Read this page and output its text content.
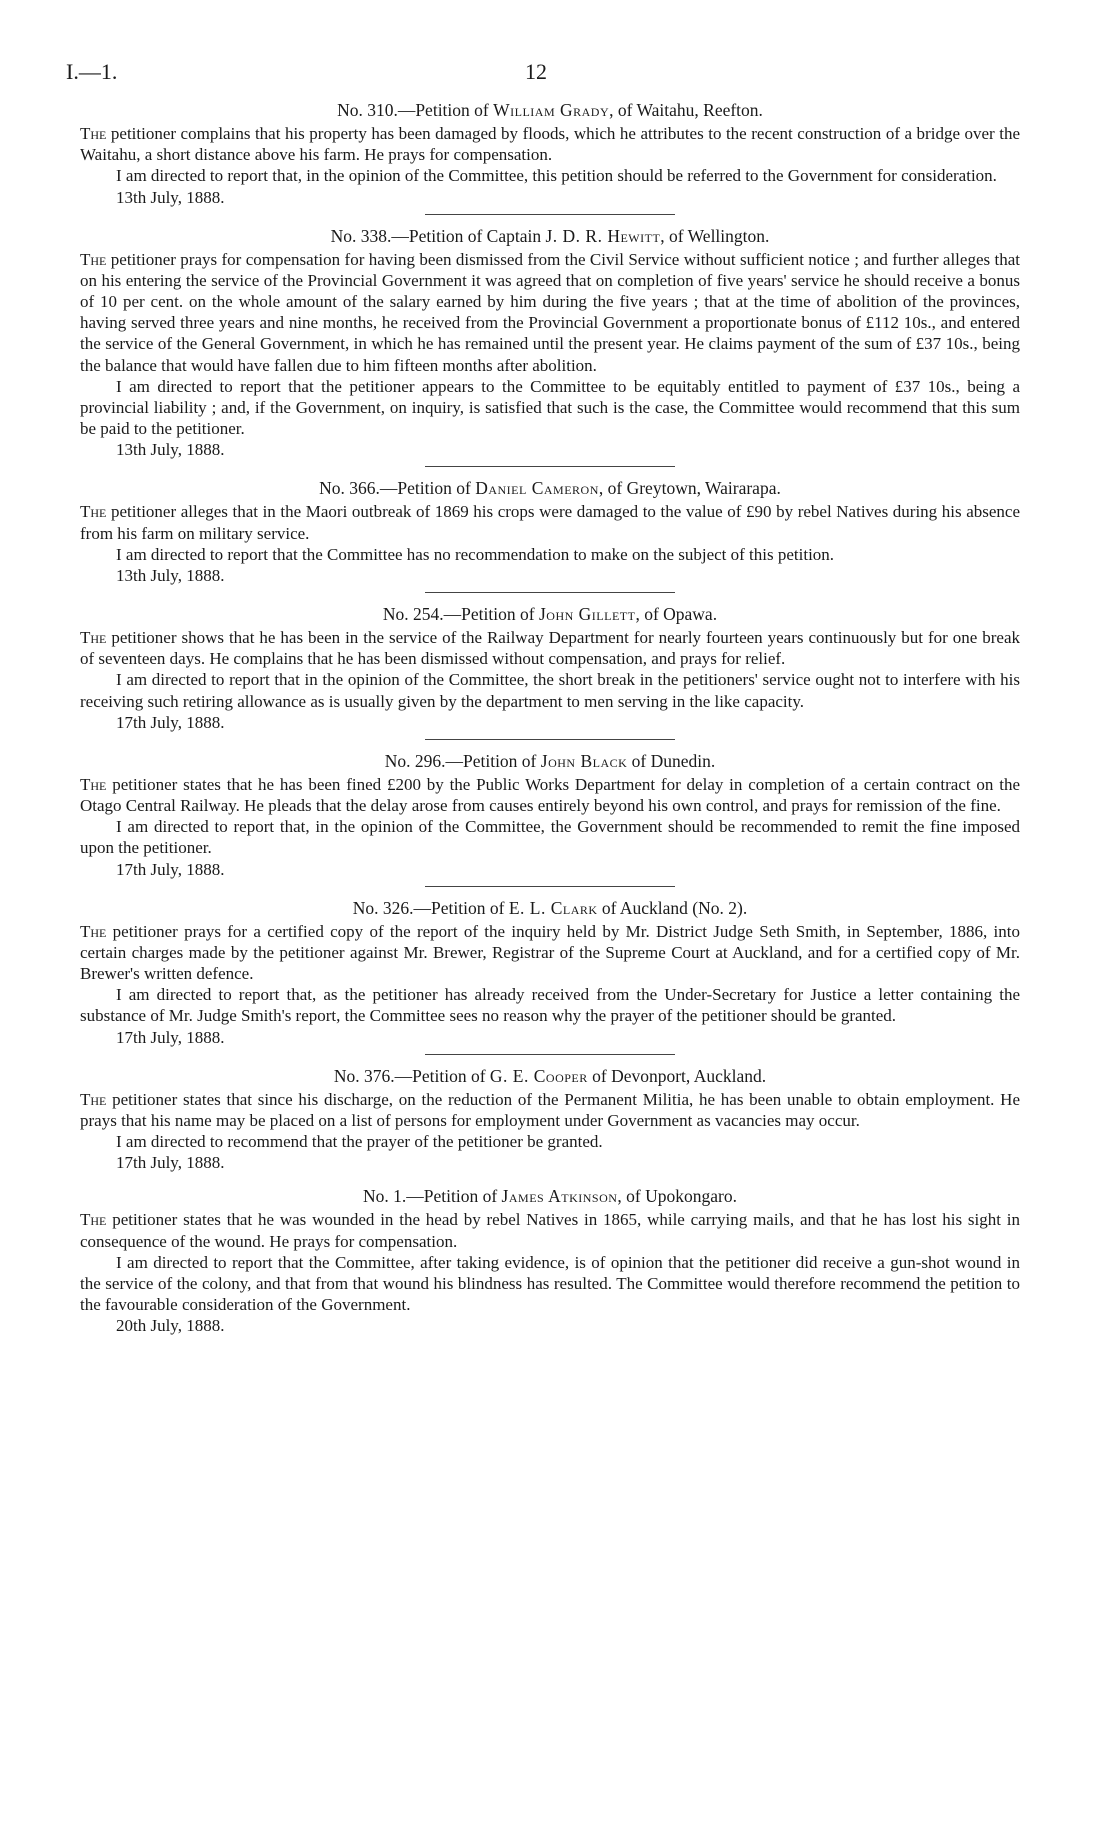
I.—1.	12
No. 310.—Petition of William Grady, of Waitahu, Reefton.

The petitioner complains that his property has been damaged by floods, which he attributes to the recent construction of a bridge over the Waitahu, a short distance above his farm. He prays for compensation.

I am directed to report that, in the opinion of the Committee, this petition should be referred to the Government for consideration.

13th July, 1888.
No. 338.—Petition of Captain J. D. R. Hewitt, of Wellington.

The petitioner prays for compensation for having been dismissed from the Civil Service without sufficient notice ; and further alleges that on his entering the service of the Provincial Government it was agreed that on completion of five years' service he should receive a bonus of 10 per cent. on the whole amount of the salary earned by him during the five years ; that at the time of abolition of the provinces, having served three years and nine months, he received from the Provincial Government a proportionate bonus of £112 10s., and entered the service of the General Government, in which he has remained until the present year. He claims payment of the sum of £37 10s., being the balance that would have fallen due to him fifteen months after abolition.

I am directed to report that the petitioner appears to the Committee to be equitably entitled to payment of £37 10s., being a provincial liability ; and, if the Government, on inquiry, is satisfied that such is the case, the Committee would recommend that this sum be paid to the petitioner.

13th July, 1888.
No. 366.—Petition of Daniel Cameron, of Greytown, Wairarapa.

The petitioner alleges that in the Maori outbreak of 1869 his crops were damaged to the value of £90 by rebel Natives during his absence from his farm on military service.

I am directed to report that the Committee has no recommendation to make on the subject of this petition.

13th July, 1888.
No. 254.—Petition of John Gillett, of Opawa.

The petitioner shows that he has been in the service of the Railway Department for nearly fourteen years continuously but for one break of seventeen days. He complains that he has been dismissed without compensation, and prays for relief.

I am directed to report that in the opinion of the Committee, the short break in the petitioners' service ought not to interfere with his receiving such retiring allowance as is usually given by the department to men serving in the like capacity.

17th July, 1888.
No. 296.—Petition of John Black of Dunedin.

The petitioner states that he has been fined £200 by the Public Works Department for delay in completion of a certain contract on the Otago Central Railway. He pleads that the delay arose from causes entirely beyond his own control, and prays for remission of the fine.

I am directed to report that, in the opinion of the Committee, the Government should be recommended to remit the fine imposed upon the petitioner.

17th July, 1888.
No. 326.—Petition of E. L. Clark of Auckland (No. 2).

The petitioner prays for a certified copy of the report of the inquiry held by Mr. District Judge Seth Smith, in September, 1886, into certain charges made by the petitioner against Mr. Brewer, Registrar of the Supreme Court at Auckland, and for a certified copy of Mr. Brewer's written defence.

I am directed to report that, as the petitioner has already received from the Under-Secretary for Justice a letter containing the substance of Mr. Judge Smith's report, the Committee sees no reason why the prayer of the petitioner should be granted.

17th July, 1888.
No. 376.—Petition of G. E. Cooper of Devonport, Auckland.

The petitioner states that since his discharge, on the reduction of the Permanent Militia, he has been unable to obtain employment. He prays that his name may be placed on a list of persons for employment under Government as vacancies may occur.

I am directed to recommend that the prayer of the petitioner be granted.

17th July, 1888.
No. 1.—Petition of James Atkinson, of Upokongaro.

The petitioner states that he was wounded in the head by rebel Natives in 1865, while carrying mails, and that he has lost his sight in consequence of the wound. He prays for compensation.

I am directed to report that the Committee, after taking evidence, is of opinion that the petitioner did receive a gun-shot wound in the service of the colony, and that from that wound his blindness has resulted. The Committee would therefore recommend the petition to the favourable consideration of the Government.

20th July, 1888.
